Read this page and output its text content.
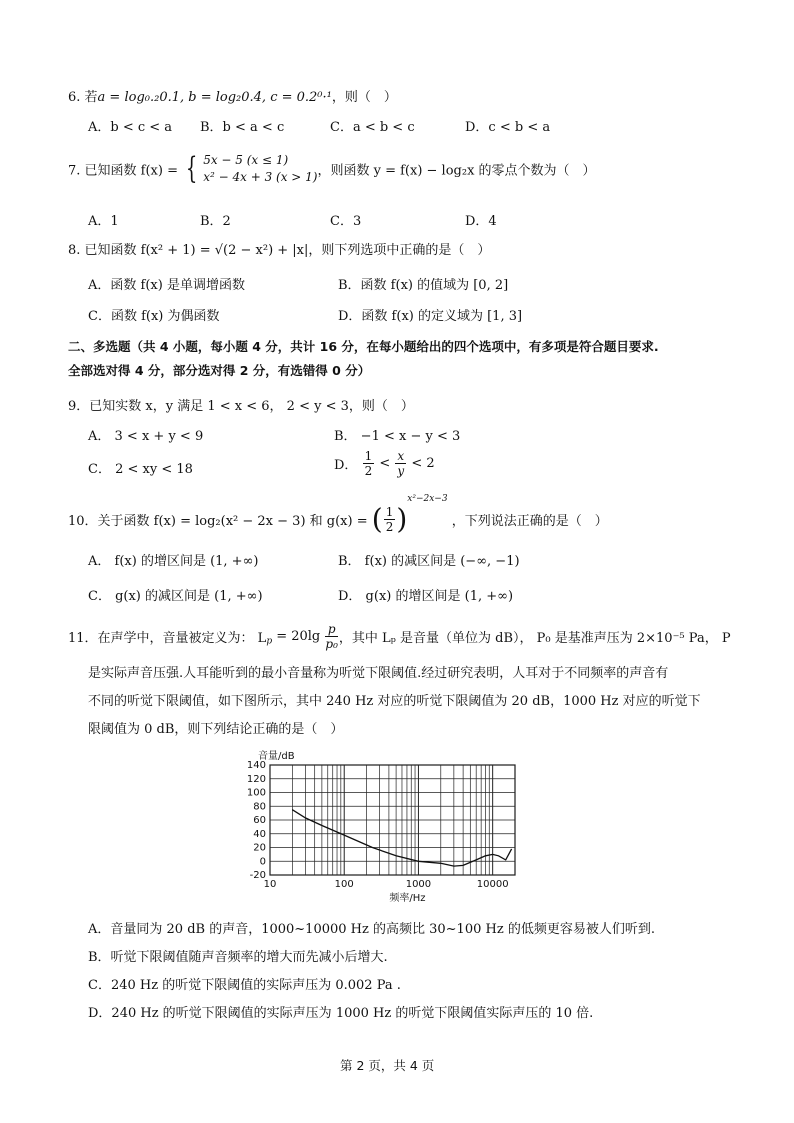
6. 若a = log₀.₂0.1, b = log₂0.4, c = 0.2⁰·¹，则（　）
A．b < c < a B．b < a < c	C．a < b < c	D．c < b < a
7. 已知函数 f(x) = { 5x − 5 (x ≤ 1)
x² − 4x + 3 (x > 1)，则函数 y = f(x) − log₂x 的零点个数为（　）
A．1	B．2	C．3	D．4
8. 已知函数 f(x² + 1) = √(2 − x²) + |x|，则下列选项中正确的是（　）
A．函数 f(x) 是单调增函数	B．函数 f(x) 的值域为 [0, 2]
C．函数 f(x) 为偶函数	D．函数 f(x) 的定义域为 [1, 3]
二、多选题（共 4 小题，每小题 4 分，共计 16 分，在每小题给出的四个选项中，有多项是符合题目要求.
全部选对得 4 分，部分选对得 2 分，有选错得 0 分）
9．已知实数 x，y 满足 1 < x < 6， 2 < y < 3，则（　）
A． 3 < x + y < 9	B． −1 < x − y < 3
C． 2 < xy < 18	D． $\frac{1}{2} < \frac{x}{y} < 2$
10．关于函数 f(x) = log₂(x² − 2x − 3) 和 g(x) = ( $\frac{1}{2} )^{x^2-2x-3}$ ，下列说法正确的是（　）
A． f(x) 的增区间是 (1, +∞)	B． f(x) 的减区间是 (−∞, −1)
C． g(x) 的减区间是 (1, +∞)	D． g(x) 的增区间是 (1, +∞)
11．在声学中，音量被定义为： $L_p = 20\lg \frac{p}{\text{p₀}}$ ，其中 Lₚ 是音量（单位为 dB）， P₀ 是基准声压为 2×10⁻⁵ Pa， P
是实际声音压强.人耳能听到的最小音量称为听觉下限阈值.经过研究表明，人耳对于不同频率的声音有
不同的听觉下限阈值，如下图所示，其中 240 Hz 对应的听觉下限阈值为 20 dB，1000 Hz 对应的听觉下
限阈值为 0 dB，则下列结论正确的是（　）
-20
0
20
40
60
80
100
120
140
10	100	1000	10000
音量/dB
频率/Hz
A．音量同为 20 dB 的声音，1000~10000 Hz 的高频比 30~100 Hz 的低频更容易被人们听到.
B．听觉下限阈值随声音频率的增大而先减小后增大.
C．240 Hz 的听觉下限阈值的实际声压为 0.002 Pa .
D．240 Hz 的听觉下限阈值的实际声压为 1000 Hz 的听觉下限阈值实际声压的 10 倍.
第 2 页，共 4 页
